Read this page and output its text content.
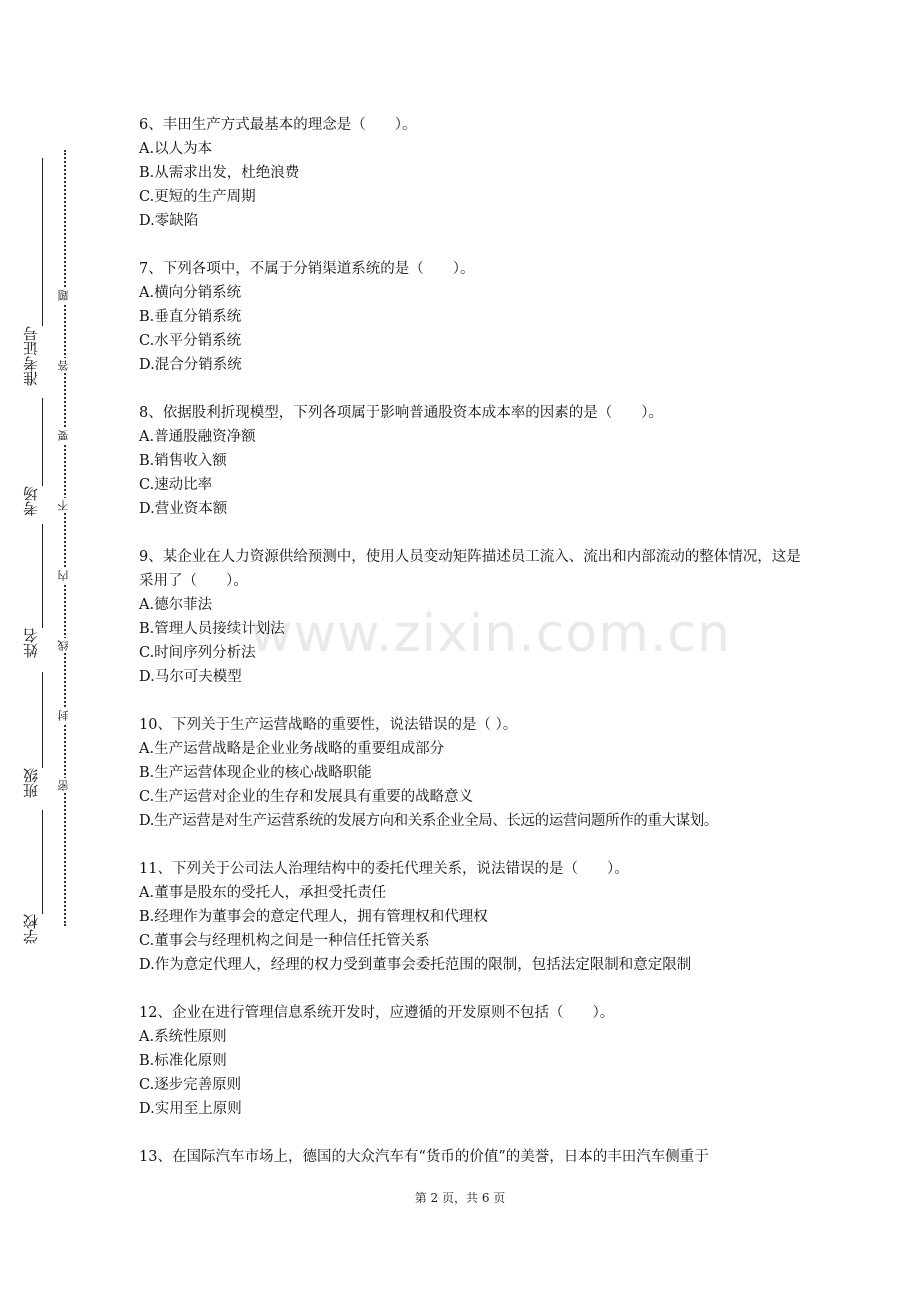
准考证号
考场
姓名
班级
学校
题
答
要
不
内
线
封
密
www.zixin.com.cn
6、丰田生产方式最基本的理念是（　　）。
A.以人为本
B.从需求出发，杜绝浪费
C.更短的生产周期
D.零缺陷
7、下列各项中，不属于分销渠道系统的是（　　）。
A.横向分销系统
B.垂直分销系统
C.水平分销系统
D.混合分销系统
8、依据股利折现模型，下列各项属于影响普通股资本成本率的因素的是（　　）。
A.普通股融资净额
B.销售收入额
C.速动比率
D.营业资本额
9、某企业在人力资源供给预测中，使用人员变动矩阵描述员工流入、流出和内部流动的整体情况，这是采用了（　　）。
A.德尔菲法
B.管理人员接续计划法
C.时间序列分析法
D.马尔可夫模型
10、下列关于生产运营战略的重要性，说法错误的是（ ）。
A.生产运营战略是企业业务战略的重要组成部分
B.生产运营体现企业的核心战略职能
C.生产运营对企业的生存和发展具有重要的战略意义
D.生产运营是对生产运营系统的发展方向和关系企业全局、长远的运营问题所作的重大谋划。
11、下列关于公司法人治理结构中的委托代理关系，说法错误的是（　　）。
A.董事是股东的受托人，承担受托责任
B.经理作为董事会的意定代理人，拥有管理权和代理权
C.董事会与经理机构之间是一种信任托管关系
D.作为意定代理人，经理的权力受到董事会委托范围的限制，包括法定限制和意定限制
12、企业在进行管理信息系统开发时，应遵循的开发原则不包括（　　）。
A.系统性原则
B.标准化原则
C.逐步完善原则
D.实用至上原则
13、在国际汽车市场上，德国的大众汽车有“货币的价值”的美誉，日本的丰田汽车侧重于
第 2 页，共 6 页
